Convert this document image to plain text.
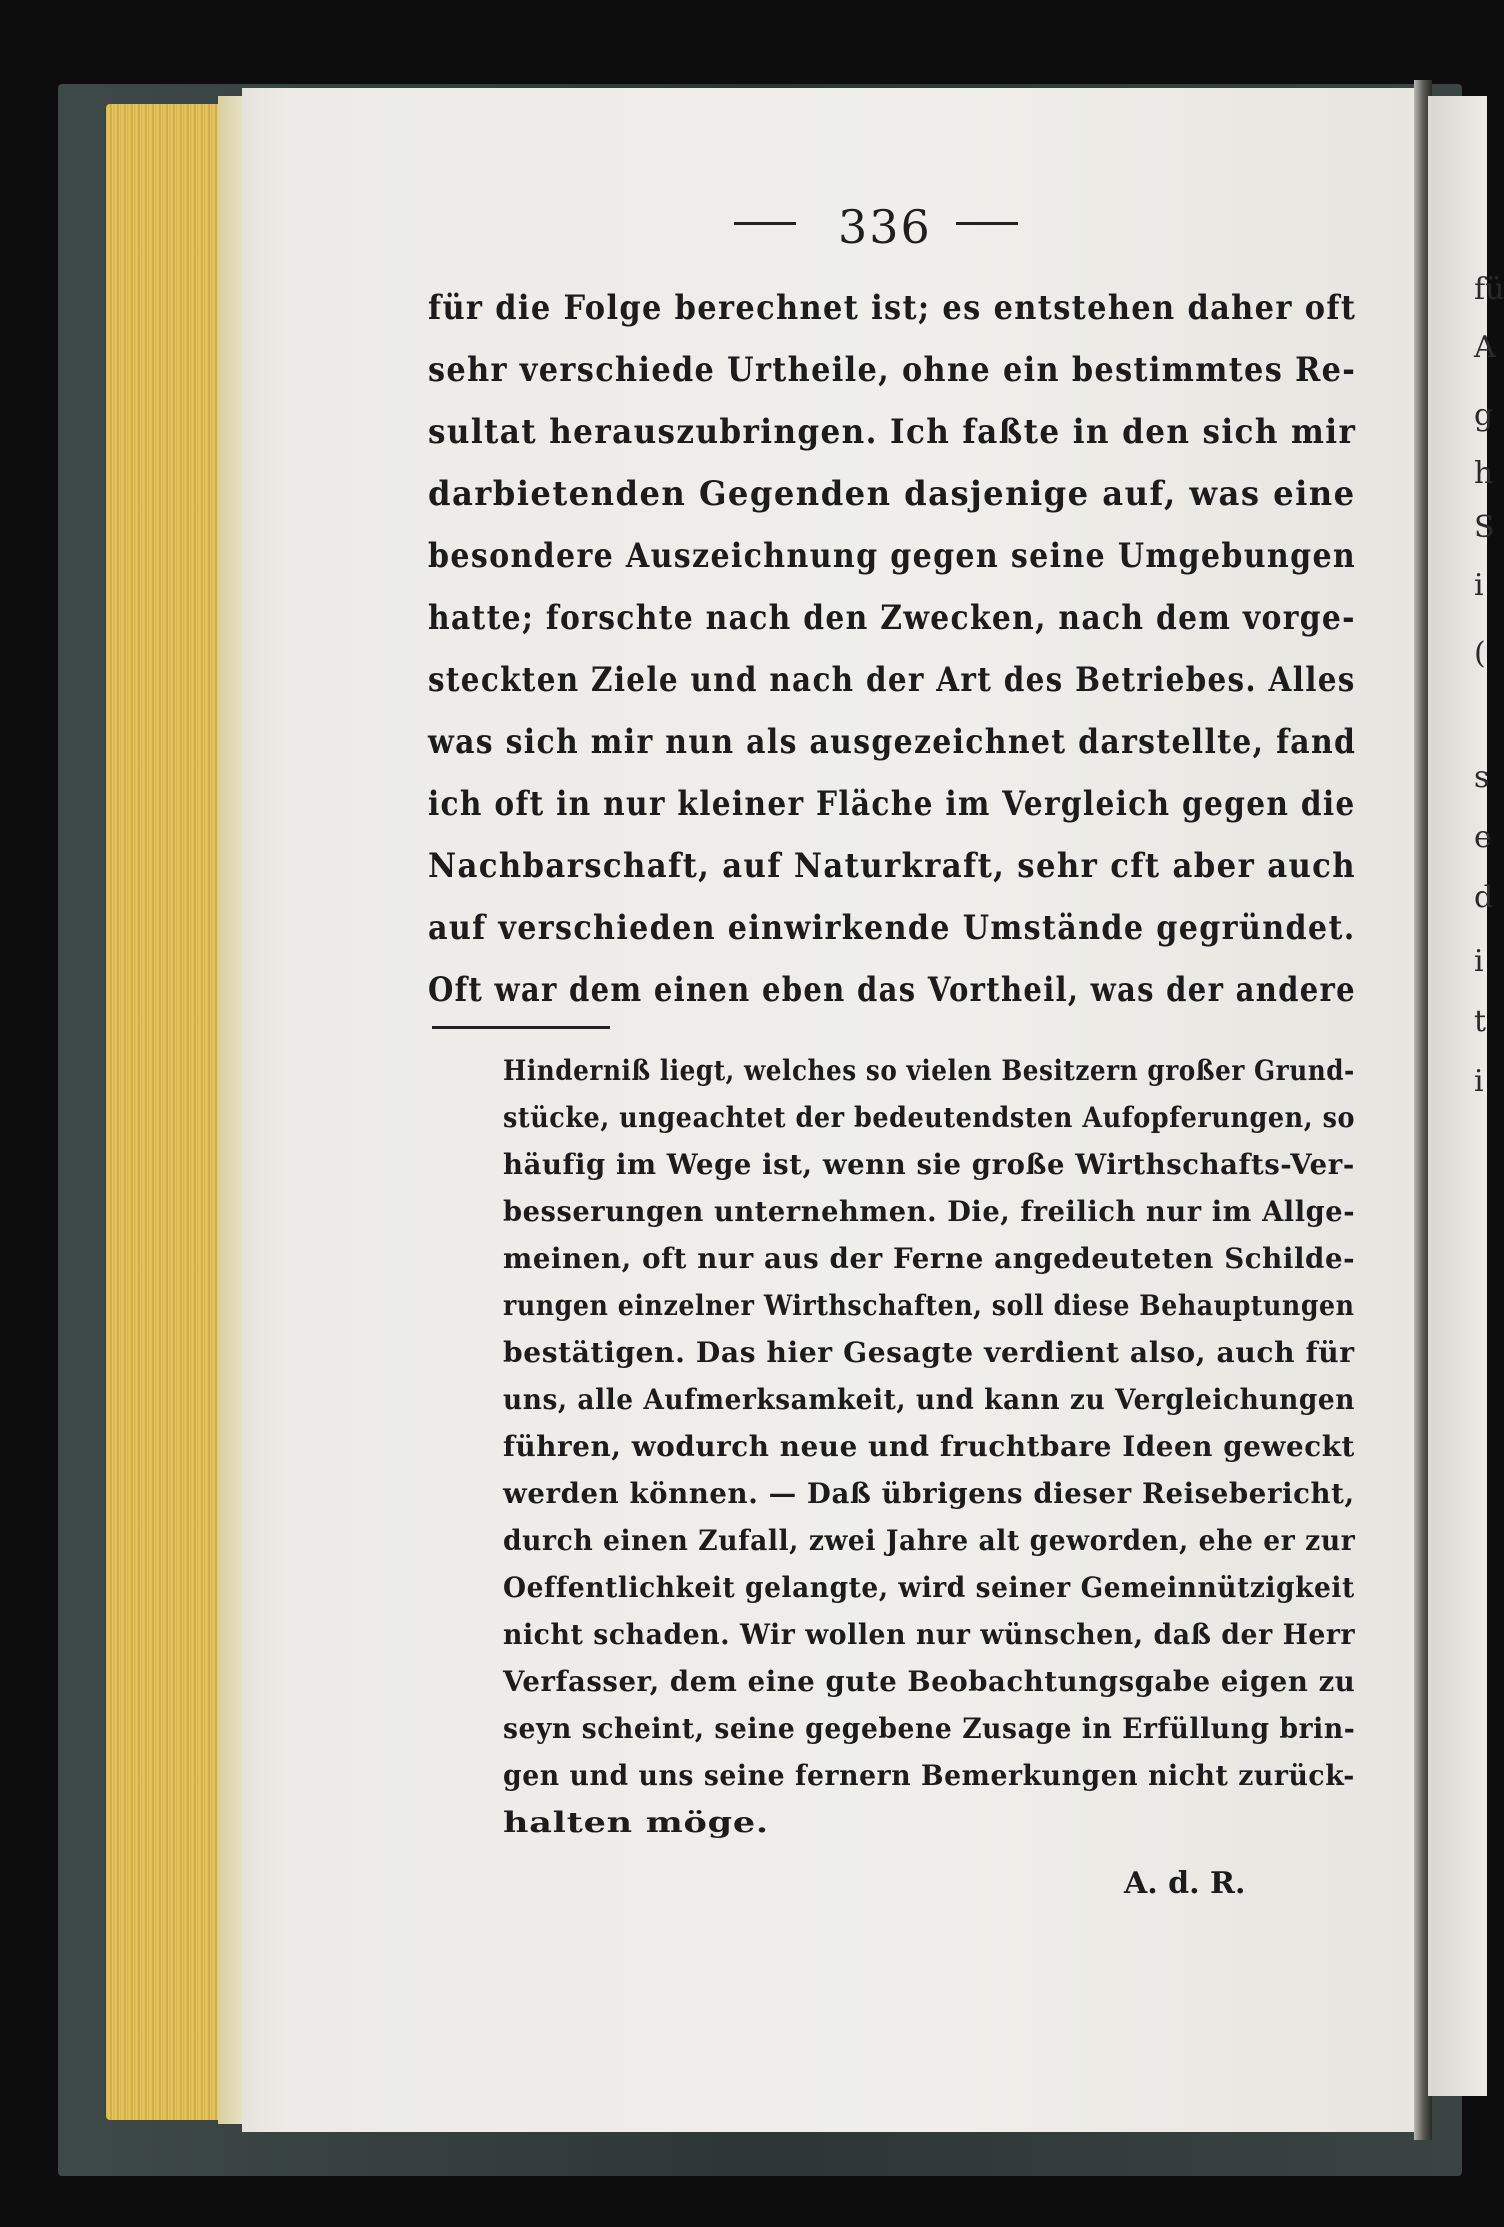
fü
A
g
h
S
i
(
s
e
d
i
t
i
336
für die Folge berechnet ist; es entstehen daher oft
sehr verschiede Urtheile, ohne ein bestimmtes Re-
sultat herauszubringen. Ich faßte in den sich mir
darbietenden Gegenden dasjenige auf, was eine
besondere Auszeichnung gegen seine Umgebungen
hatte; forschte nach den Zwecken, nach dem vorge-
steckten Ziele und nach der Art des Betriebes. Alles
was sich mir nun als ausgezeichnet darstellte, fand
ich oft in nur kleiner Fläche im Vergleich gegen die
Nachbarschaft, auf Naturkraft, sehr cft aber auch
auf verschieden einwirkende Umstände gegründet.
Oft war dem einen eben das Vortheil, was der andere
Hinderniß liegt, welches so vielen Besitzern großer Grund-
stücke, ungeachtet der bedeutendsten Aufopferungen, so
häufig im Wege ist, wenn sie große Wirthschafts-Ver-
besserungen unternehmen. Die, freilich nur im Allge-
meinen, oft nur aus der Ferne angedeuteten Schilde-
rungen einzelner Wirthschaften, soll diese Behauptungen
bestätigen. Das hier Gesagte verdient also, auch für
uns, alle Aufmerksamkeit, und kann zu Vergleichungen
führen, wodurch neue und fruchtbare Ideen geweckt
werden können. — Daß übrigens dieser Reisebericht,
durch einen Zufall, zwei Jahre alt geworden, ehe er zur
Oeffentlichkeit gelangte, wird seiner Gemeinnützigkeit
nicht schaden. Wir wollen nur wünschen, daß der Herr
Verfasser, dem eine gute Beobachtungsgabe eigen zu
seyn scheint, seine gegebene Zusage in Erfüllung brin-
gen und uns seine fernern Bemerkungen nicht zurück-
halten möge.
A. d. R.
